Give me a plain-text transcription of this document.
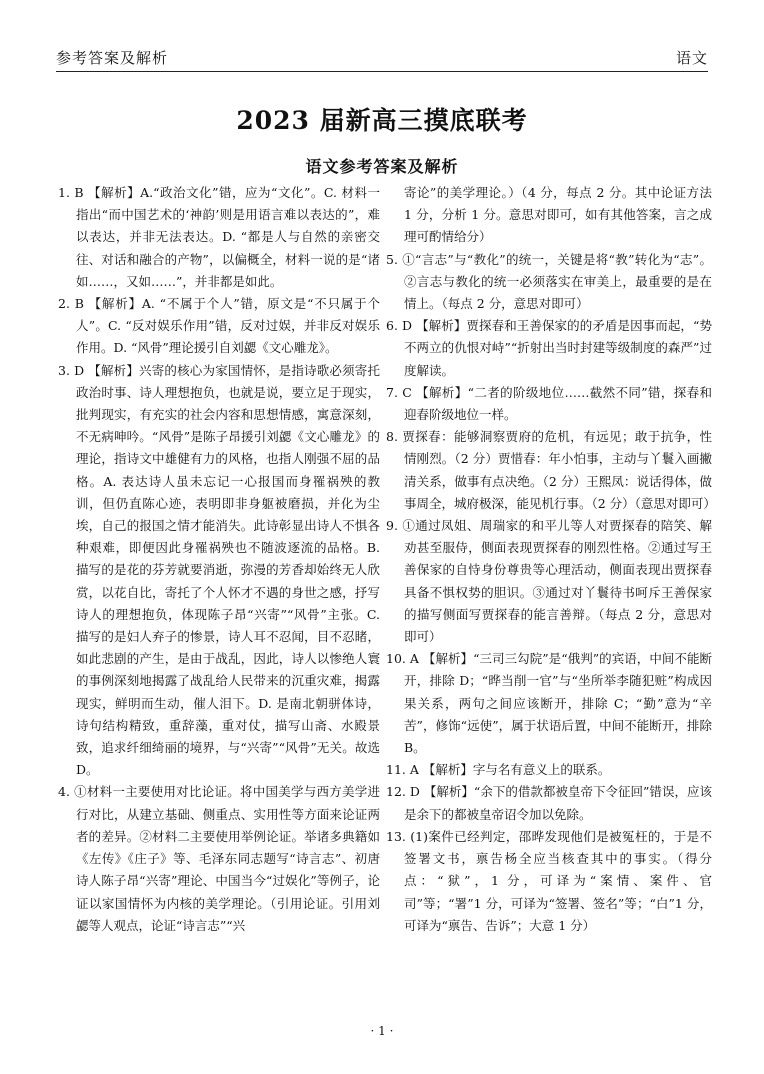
参考答案及解析	语文
2023 届新高三摸底联考
语文参考答案及解析

1. B 【解析】A.“政治文化”错，应为“文化”。C. 材料一指出“而中国艺术的‘神韵’则是用语言难以表达的”，难以表达，并非无法表达。D. “都是人与自然的亲密交往、对话和融合的产物”，以偏概全，材料一说的是“诸如……，又如……”，并非都是如此。

2. B 【解析】A. “不属于个人”错，原文是“不只属于个人”。C. “反对娱乐作用”错，反对过娱，并非反对娱乐作用。D. “风骨”理论援引自刘勰《文心雕龙》。

3. D 【解析】兴寄的核心为家国情怀，是指诗歌必须寄托政治时事、诗人理想抱负，也就是说，要立足于现实，批判现实，有充实的社会内容和思想情感，寓意深刻，不无病呻吟。“风骨”是陈子昂援引刘勰《文心雕龙》的理论，指诗文中雄健有力的风格，也指人刚强不屈的品格。A. 表达诗人虽未忘记一心报国而身罹祸殃的教训，但仍直陈心迹，表明即非身躯被磨损，并化为尘埃，自己的报国之情才能消失。此诗彰显出诗人不惧各种艰难，即便因此身罹祸殃也不随波逐流的品格。B. 描写的是花的芬芳就要消逝，弥漫的芳香却始终无人欣赏，以花自比，寄托了个人怀才不遇的身世之感，抒写诗人的理想抱负，体现陈子昂“兴寄”“风骨”主张。C. 描写的是妇人弃子的惨景，诗人耳不忍闻，目不忍睹，如此悲剧的产生，是由于战乱，因此，诗人以惨绝人寰的事例深刻地揭露了战乱给人民带来的沉重灾难，揭露现实，鲜明而生动，催人泪下。D. 是南北朝骈体诗，诗句结构精致，重辞藻，重对仗，描写山斋、水殿景致，追求纤细绮丽的境界，与“兴寄”“风骨”无关。故选 D。

4. ①材料一主要使用对比论证。将中国美学与西方美学进行对比，从建立基础、侧重点、实用性等方面来论证两者的差异。②材料二主要使用举例论证。举诸多典籍如《左传》《庄子》等、毛泽东同志题写“诗言志”、初唐诗人陈子昂“兴寄”理论、中国当今“过娱化”等例子，论证以家国情怀为内核的美学理论。（引用论证。引用刘勰等人观点，论证“诗言志”“兴

寄论”的美学理论。）（4 分，每点 2 分。其中论证方法 1 分，分析 1 分。意思对即可，如有其他答案，言之成理可酌情给分）

5. ①“言志”与“教化”的统一，关键是将“教”转化为“志”。②言志与教化的统一必须落实在审美上，最重要的是在情上。（每点 2 分，意思对即可）

6. D 【解析】贾探春和王善保家的的矛盾是因事而起，“势不两立的仇恨对峙”“折射出当时封建等级制度的森严”过度解读。

7. C 【解析】“二者的阶级地位……截然不同”错，探春和迎春阶级地位一样。

8. 贾探春：能够洞察贾府的危机，有远见；敢于抗争，性情刚烈。（2 分）贾惜春：年小怕事，主动与丫鬟入画撇清关系，做事有点决绝。（2 分）王熙凤：说话得体，做事周全，城府极深，能见机行事。（2 分）（意思对即可）

9. ①通过凤姐、周瑞家的和平儿等人对贾探春的陪笑、解劝甚至服侍，侧面表现贾探春的刚烈性格。②通过写王善保家的自恃身份尊贵等心理活动，侧面表现出贾探春具备不惧权势的胆识。③通过对丫鬟待书呵斥王善保家的描写侧面写贾探春的能言善辩。（每点 2 分，意思对即可）

10. A 【解析】“三司三勾院”是“俄判”的宾语，中间不能断开，排除 D；“晔当削一官”与“坐所举李随犯赃”构成因果关系，两句之间应该断开，排除 C；“勤”意为“辛苦”，修饰“远使”，属于状语后置，中间不能断开，排除 B。

11. A 【解析】字与名有意义上的联系。

12. D 【解析】“余下的借款都被皇帝下令征回”错误，应该是余下的都被皇帝诏令加以免除。

13. (1)案件已经判定，邵晔发现他们是被冤枉的，于是不签署文书，禀告杨全应当核查其中的事实。（得分点：“狱”，1 分，可译为“案情、案件、官司”等；“署”1 分，可译为“签署、签名”等；“白”1 分，可译为“禀告、告诉”；大意 1 分）

· 1 ·
